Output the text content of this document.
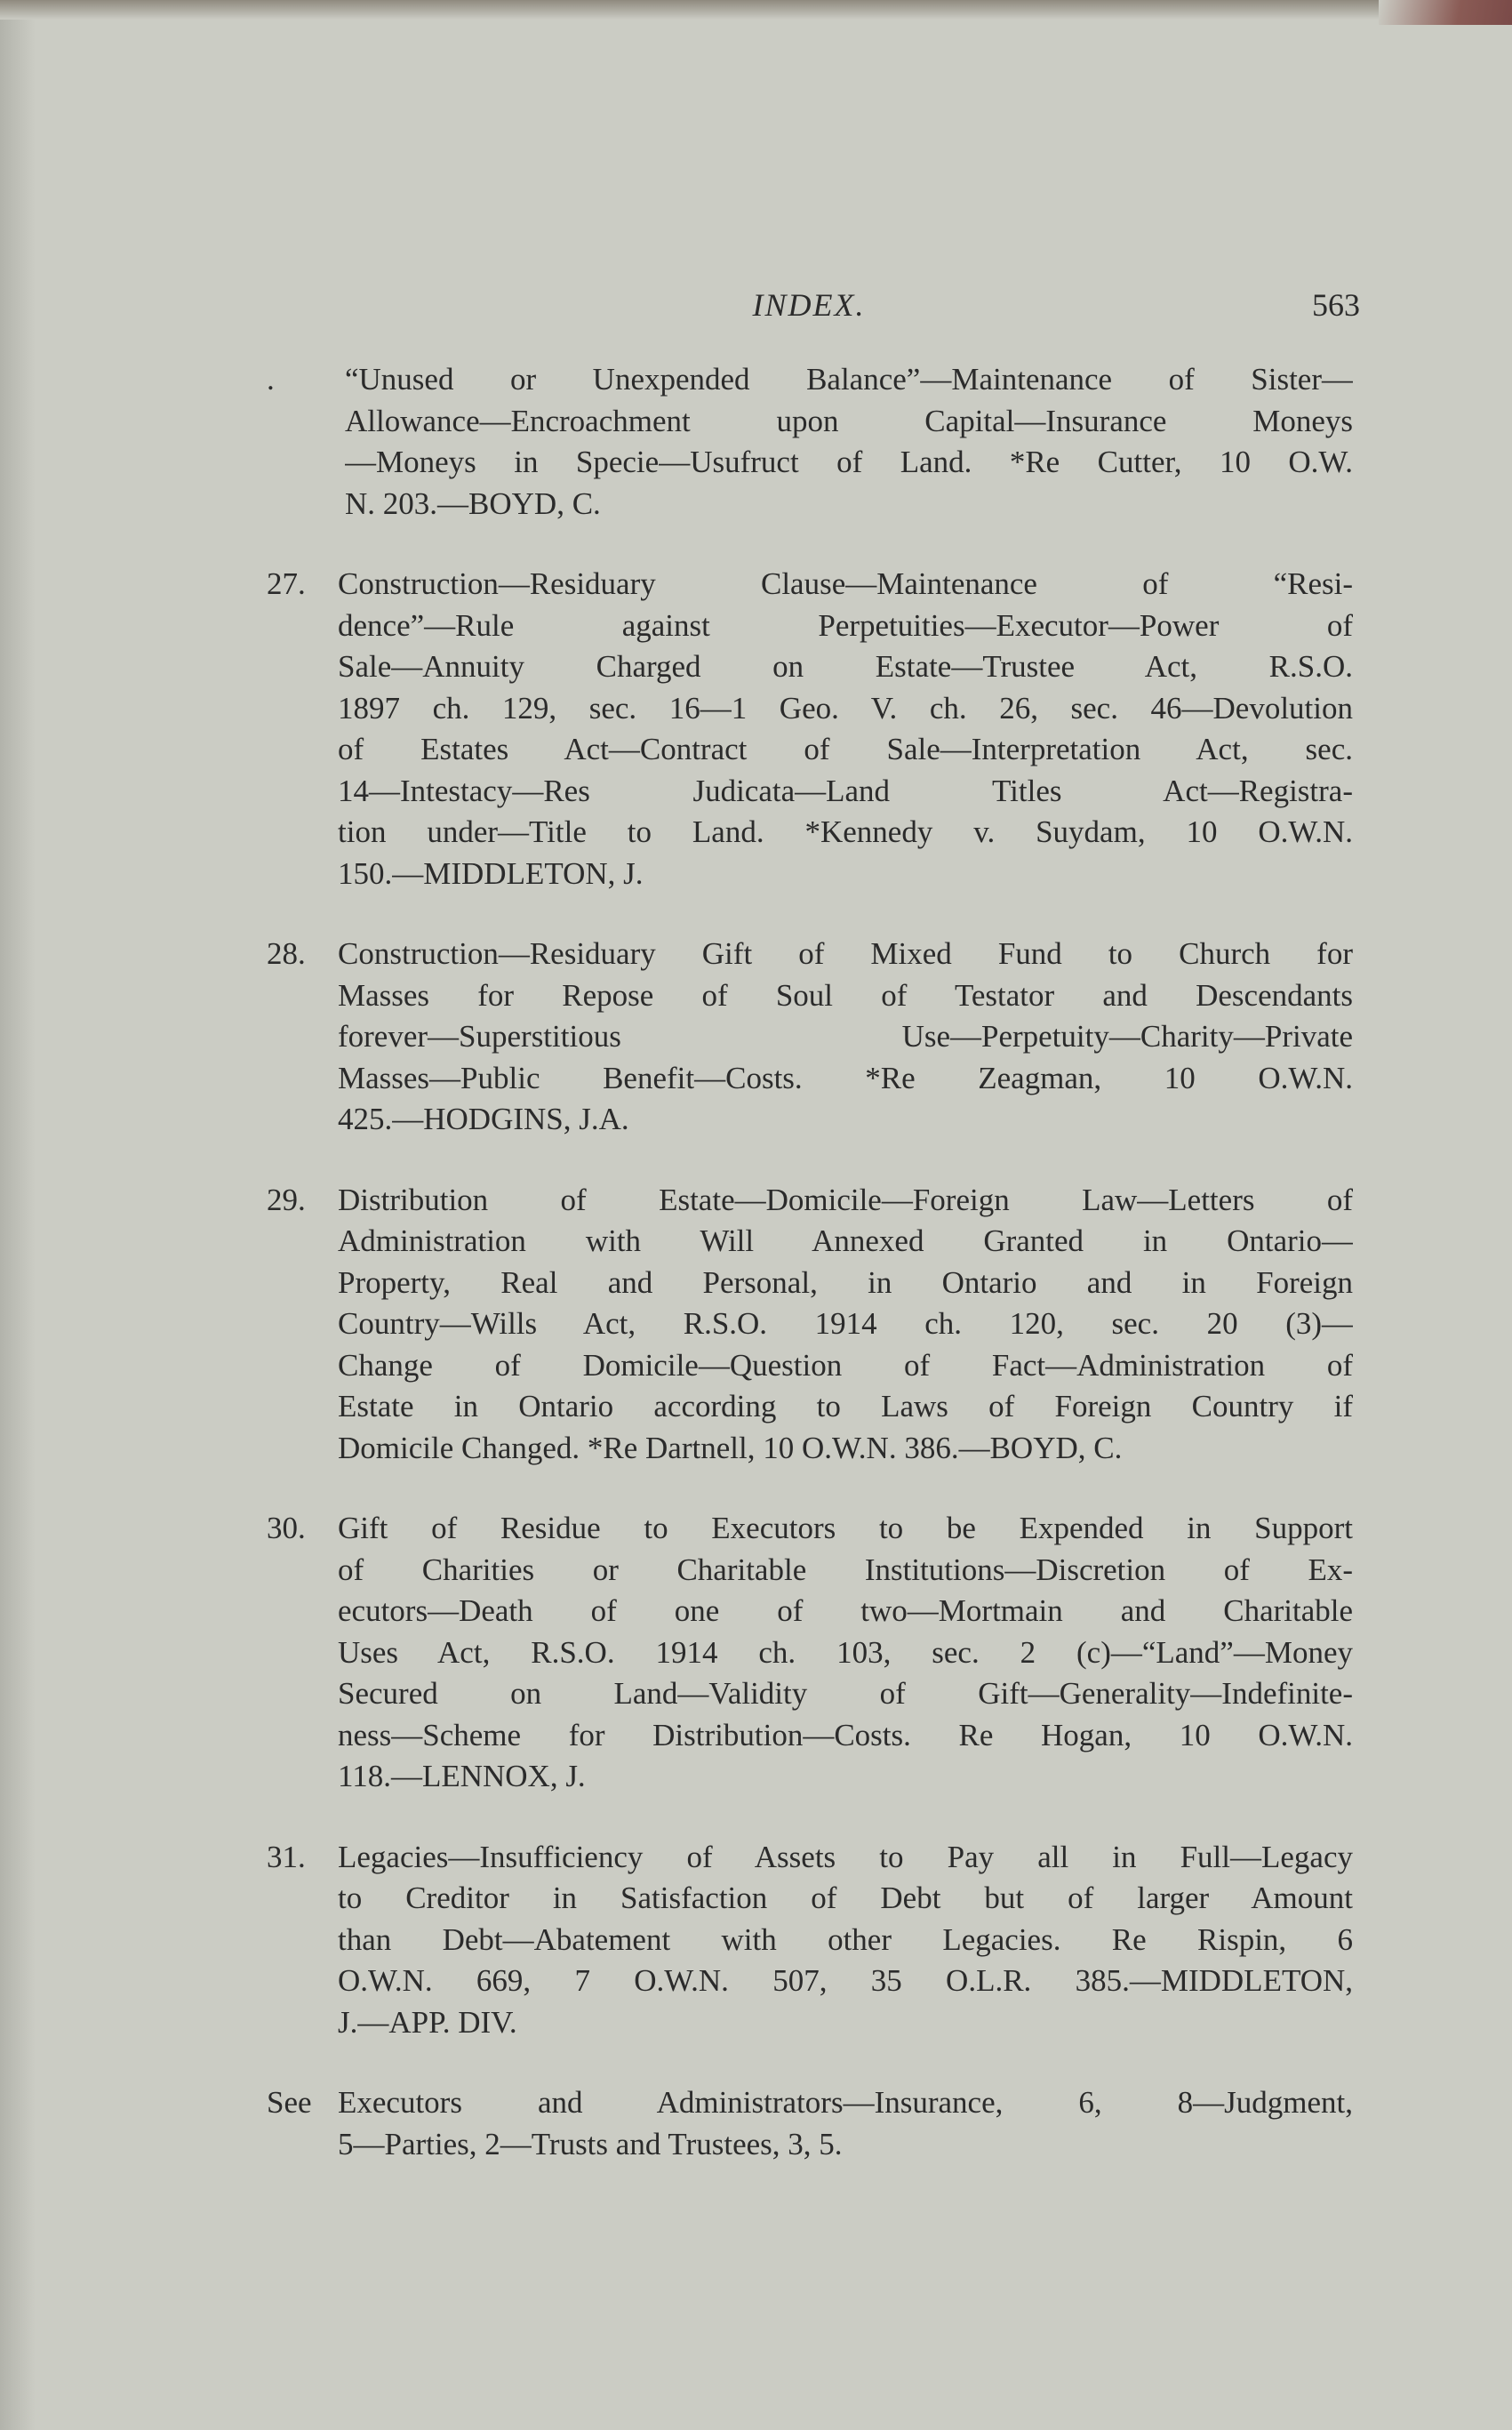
INDEX.	563
.	“Unused or Unexpended Balance”—Maintenance of Sister—
Allowance—Encroachment upon Capital—Insurance Moneys
—Moneys in Specie—Usufruct of Land. *Re Cutter, 10 O.W.
N. 203.—BOYD, C.
27.	Construction—Residuary Clause—Maintenance of “Resi-
dence”—Rule against Perpetuities—Executor—Power of
Sale—Annuity Charged on Estate—Trustee Act, R.S.O.
1897 ch. 129, sec. 16—1 Geo. V. ch. 26, sec. 46—Devolution
of Estates Act—Contract of Sale—Interpretation Act, sec.
14—Intestacy—Res Judicata—Land Titles Act—Registra-
tion under—Title to Land. *Kennedy v. Suydam, 10 O.W.N.
150.—MIDDLETON, J.
28.	Construction—Residuary Gift of Mixed Fund to Church for
Masses for Repose of Soul of Testator and Descendants
forever—Superstitious Use—Perpetuity—Charity—Private
Masses—Public Benefit—Costs. *Re Zeagman, 10 O.W.N.
425.—HODGINS, J.A.
29.	Distribution of Estate—Domicile—Foreign Law—Letters of
Administration with Will Annexed Granted in Ontario—
Property, Real and Personal, in Ontario and in Foreign
Country—Wills Act, R.S.O. 1914 ch. 120, sec. 20 (3)—
Change of Domicile—Question of Fact—Administration of
Estate in Ontario according to Laws of Foreign Country if
Domicile Changed. *Re Dartnell, 10 O.W.N. 386.—BOYD, C.
30.	Gift of Residue to Executors to be Expended in Support
of Charities or Charitable Institutions—Discretion of Ex-
ecutors—Death of one of two—Mortmain and Charitable
Uses Act, R.S.O. 1914 ch. 103, sec. 2 (c)—“Land”—Money
Secured on Land—Validity of Gift—Generality—Indefinite-
ness—Scheme for Distribution—Costs. Re Hogan, 10 O.W.N.
118.—LENNOX, J.
31.	Legacies—Insufficiency of Assets to Pay all in Full—Legacy
to Creditor in Satisfaction of Debt but of larger Amount
than Debt—Abatement with other Legacies. Re Rispin, 6
O.W.N. 669, 7 O.W.N. 507, 35 O.L.R. 385.—MIDDLETON,
J.—APP. DIV.
See Executors and Administrators—Insurance, 6, 8—Judgment,
5—Parties, 2—Trusts and Trustees, 3, 5.
